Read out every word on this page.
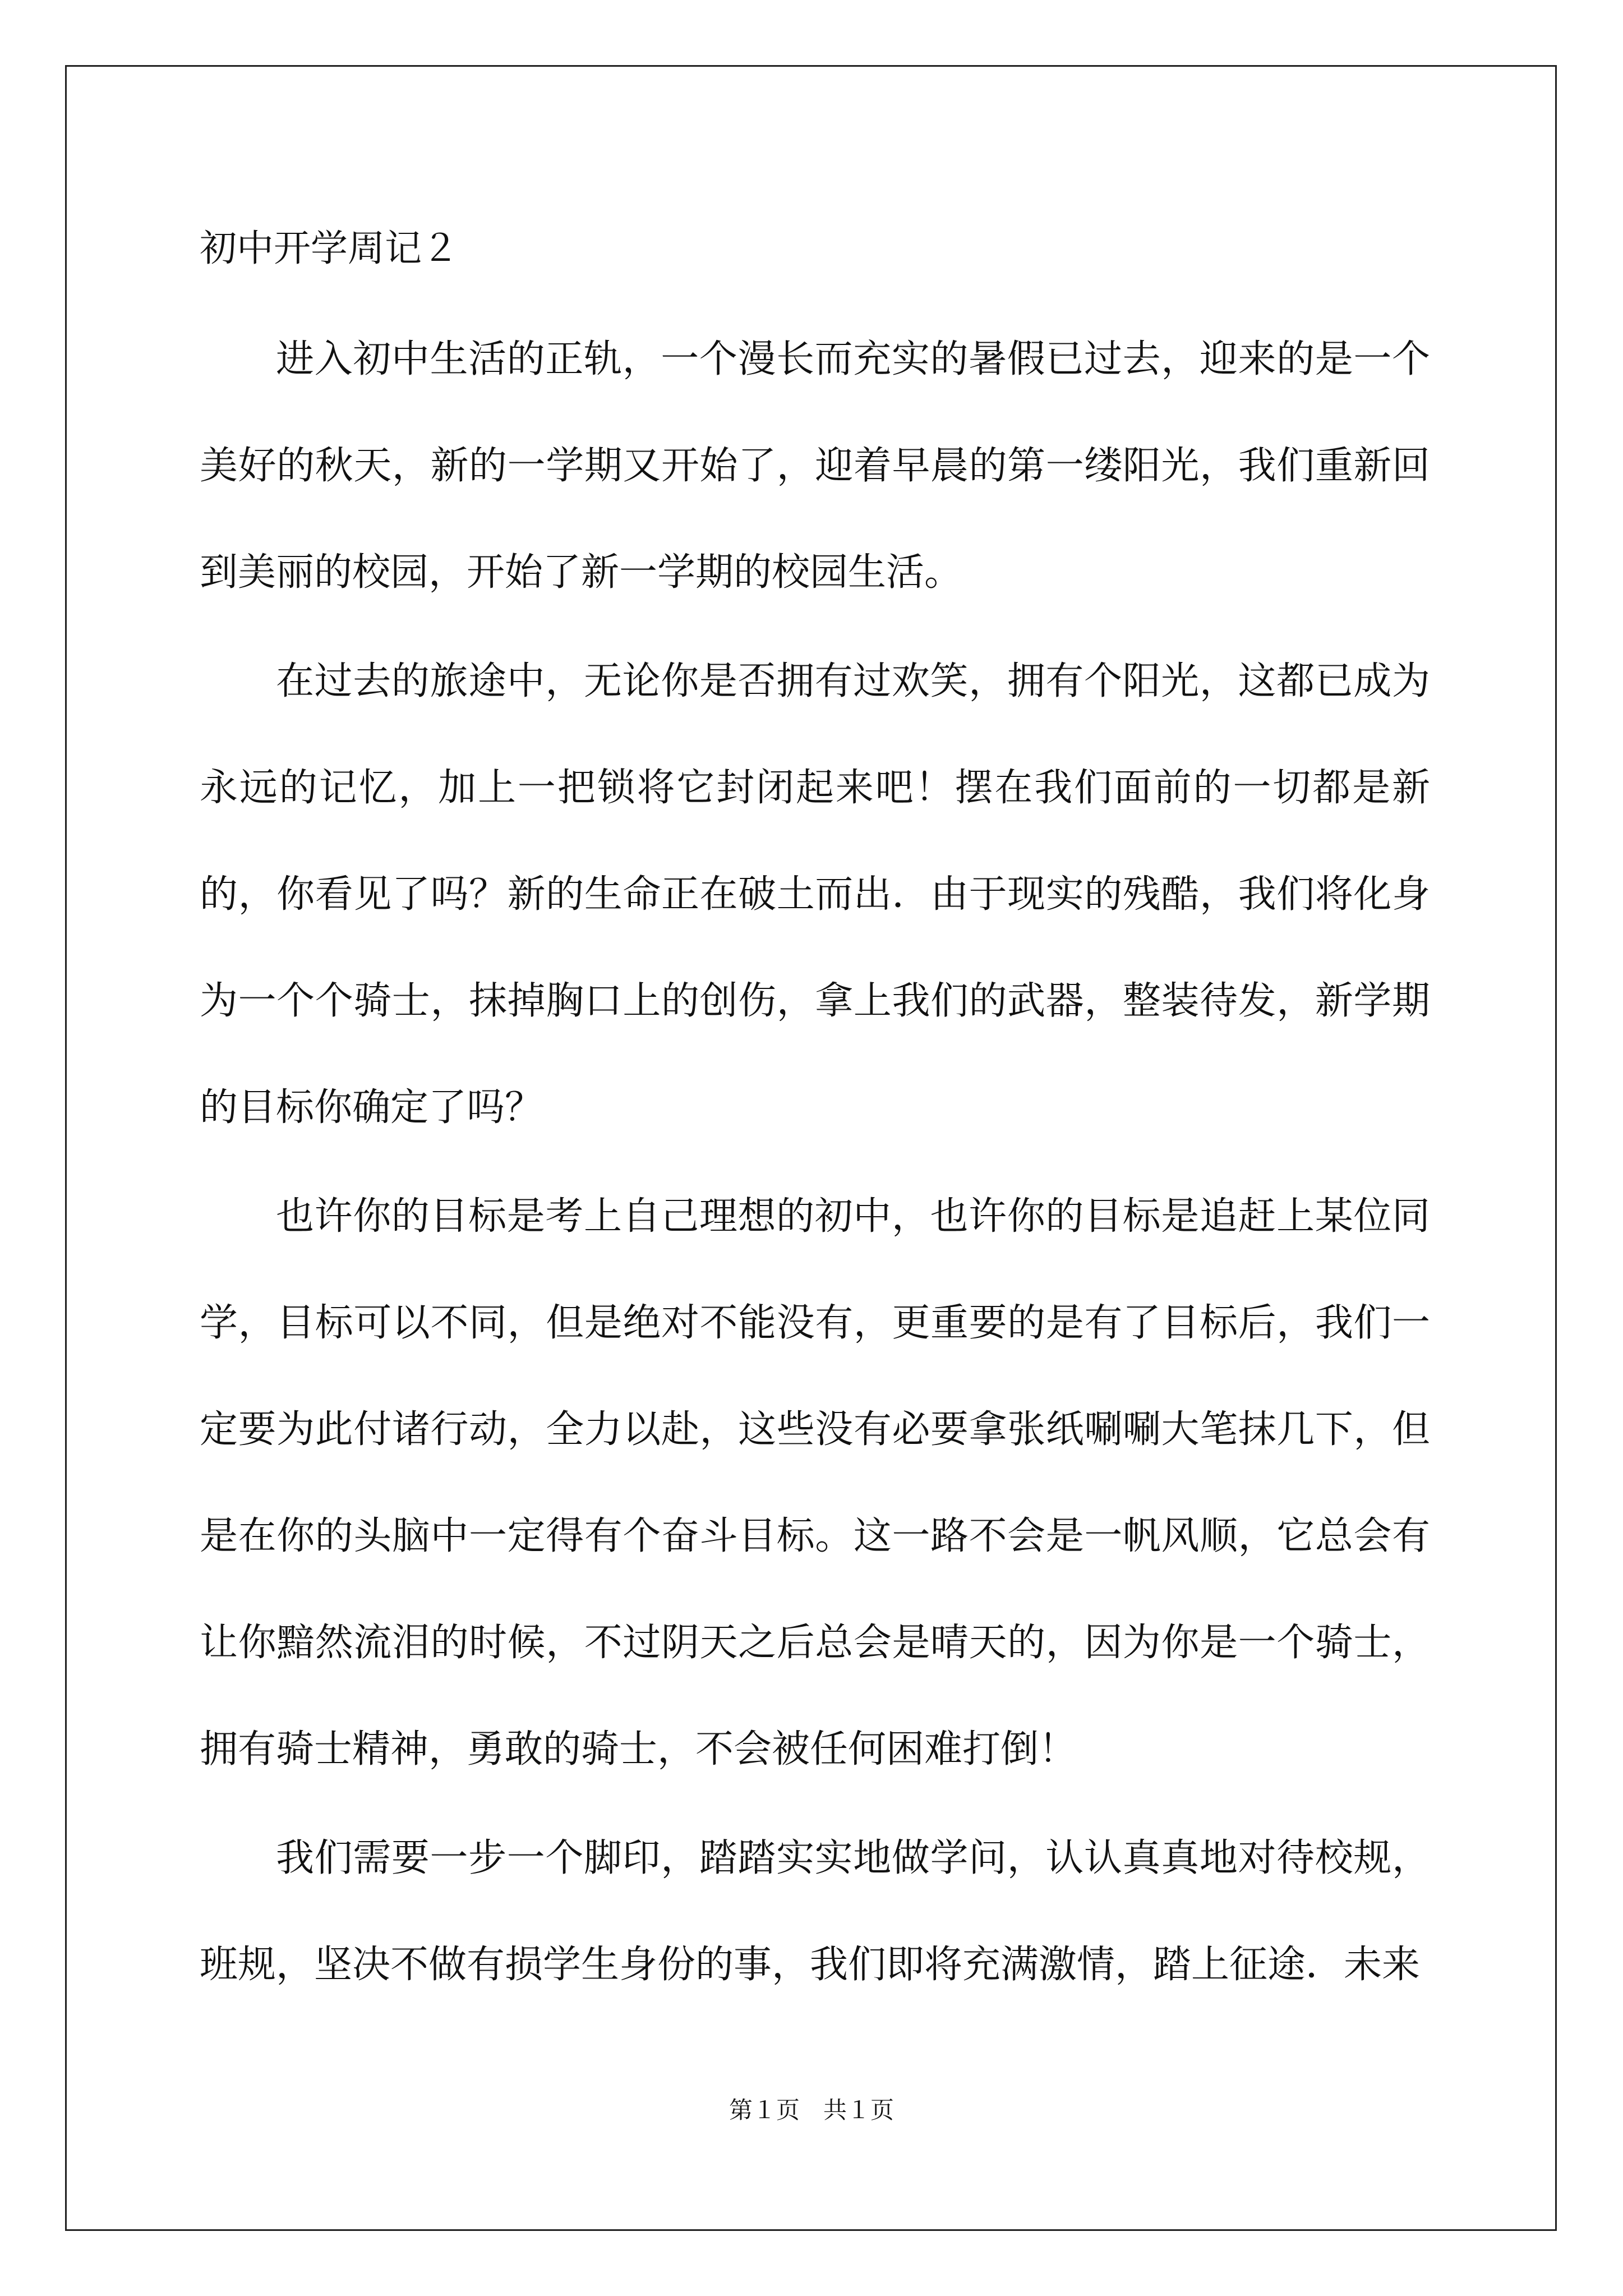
初中开学周记２

进入初中生活的正轨，一个漫长而充实的暑假已过去，迎来的是一个美好的秋天，新的一学期又开始了，迎着早晨的第一缕阳光，我们重新回到美丽的校园，开始了新一学期的校园生活。

在过去的旅途中，无论你是否拥有过欢笑，拥有个阳光，这都已成为永远的记忆，加上一把锁将它封闭起来吧！摆在我们面前的一切都是新的，你看见了吗？新的生命正在破土而出．由于现实的残酷，我们将化身为一个个骑士，抹掉胸口上的创伤，拿上我们的武器，整装待发，新学期的目标你确定了吗？

也许你的目标是考上自己理想的初中，也许你的目标是追赶上某位同学，目标可以不同，但是绝对不能没有，更重要的是有了目标后，我们一定要为此付诸行动，全力以赴，这些没有必要拿张纸唰唰大笔抹几下，但是在你的头脑中一定得有个奋斗目标。这一路不会是一帆风顺，它总会有让你黯然流泪的时候，不过阴天之后总会是晴天的，因为你是一个骑士，拥有骑士精神，勇敢的骑士，不会被任何困难打倒！

我们需要一步一个脚印，踏踏实实地做学问，认认真真地对待校规，班规，坚决不做有损学生身份的事，我们即将充满激情，踏上征途．未来

第１页　共１页
